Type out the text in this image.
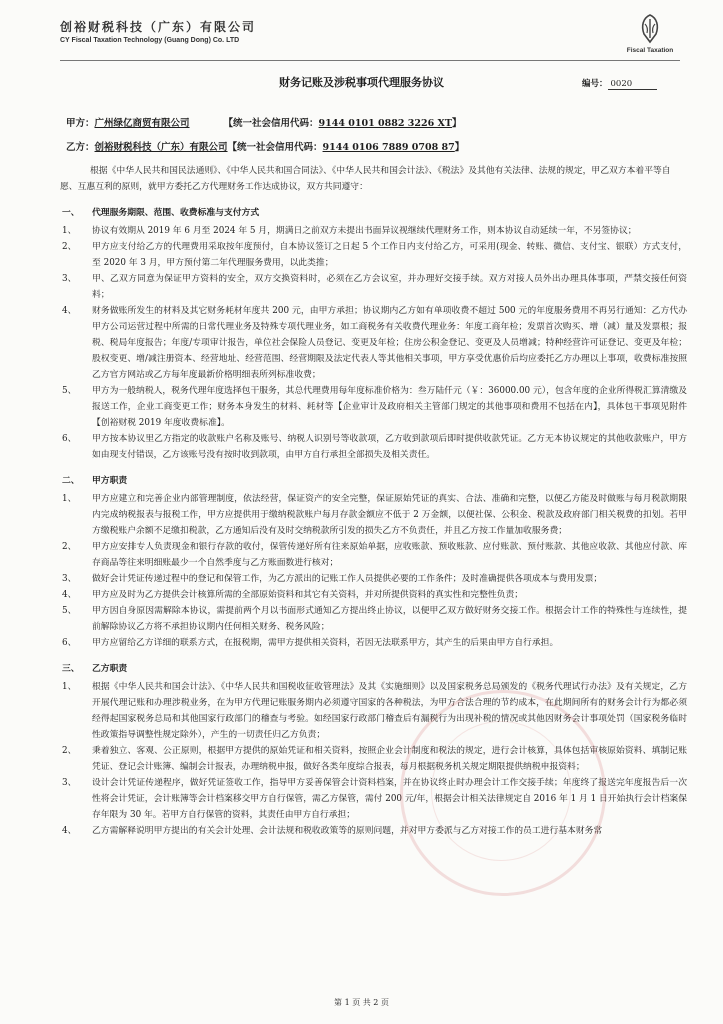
创裕财税科技（广东）有限公司
CY Fiscal Taxation Technology (Guang Dong) Co. LTD
Fiscal Taxation
财务记账及涉税事项代理服务协议	编号： 0020
甲方：广州绿亿商贸有限公司	【统一社会信用代码：9144 0101 0882 3226 XT】
乙方：创裕财税科技（广东）有限公司【统一社会信用代码：9144 0106 7889 0708 87】

根据《中华人民共和国民法通则》、《中华人民共和国合同法》、《中华人民共和国会计法》、《税法》及其他有关法律、法规的规定，甲乙双方本着平等自愿、互惠互利的原则，就甲方委托乙方代理财务工作达成协议，双方共同遵守：

一、	代理服务期限、范围、收费标准与支付方式
1、	协议有效期从 2019 年 6 月至 2024 年 5 月，期满日之前双方未提出书面异议视继续代理财务工作，则本协议自动延续一年，不另签协议；
2、	甲方应支付给乙方的代理费用采取按年度预付，自本协议签订之日起 5 个工作日内支付给乙方，可采用(现金、转账、微信、支付宝、银联）方式支付，至 2020 年 3 月，甲方预付第二年代理服务费用，以此类推；
3、	甲、乙双方同意为保证甲方资料的安全，双方交换资料时，必须在乙方会议室，并办理好交接手续。双方对接人员外出办理具体事项，严禁交接任何资料；
4、	财务做账所发生的材料及其它财务耗材年度共 200 元，由甲方承担；协议期内乙方如有单项收费不超过 500 元的年度服务费用不再另行通知：乙方代办甲方公司运营过程中所需的日常代理业务及特殊专项代理业务，如工商税务有关收费代理业务：年度工商年检；发票首次购买、增（减）量及发票根；报税、税局年度报告；年度/专项审计报告，单位社会保险人员登记、变更及年检；住房公积金登记、变更及人员增减；特种经营许可证登记、变更及年检；股权变更、增/减注册资本、经营地址、经营范围、经营期限及法定代表人等其他相关事项，甲方享受优惠价后均应委托乙方办理以上事项，收费标准按照乙方官方网站或乙方每年度最新价格明细表所列标准收费；
5、	甲方为一般纳税人，税务代理年度选择包干服务，其总代理费用每年度标准价格为：叁万陆仟元（￥：36000.00 元），包含年度的企业所得税汇算清缴及报送工作，企业工商变更工作；财务本身发生的材料、耗材等【企业审计及政府相关主管部门规定的其他事项和费用不包括在内】，具体包干事项见附件【创裕财税 2019 年度收费标准】。
6、	甲方按本协议里乙方指定的收款账户名称及账号、纳税人识别号等收款项，乙方收到款项后即时提供收款凭证。乙方无本协议规定的其他收款账户，甲方如由现支付错误，乙方该账号没有按时收到款项，由甲方自行承担全部损失及相关责任。
二、	甲方职责
1、	甲方应建立和完善企业内部管理制度，依法经营，保证资产的安全完整，保证原始凭证的真实、合法、准确和完整，以便乙方能及时做账与每月税款期限内完成纳税报表与报税工作，甲方应提供用于缴纳税款账户每月存款金额应不低于 2 万金额，以便社保、公积金、税款及政府部门相关税费的扣划。若甲方缴税账户余额不足缴扣税款，乙方通知后没有及时交纳税款所引发的损失乙方不负责任，并且乙方按工作量加收服务费；
2、	甲方应安排专人负责现金和银行存款的收付，保管传递好所有往来原始单据，应收账款、预收账款、应付账款、预付账款、其他应收款、其他应付款、库存商品等往来明细账最少一个自然季度与乙方账面数进行核对；
3、	做好会计凭证传递过程中的登记和保管工作，为乙方派出的记账工作人员提供必要的工作条件；及时准确提供各项成本与费用发票；
4、	甲方应及时为乙方提供会计核算所需的全部原始资料和其它有关资料，并对所提供资料的真实性和完整性负责；
5、	甲方因自身原因需解除本协议，需提前两个月以书面形式通知乙方提出终止协议，以便甲乙双方做好财务交接工作。根据会计工作的特殊性与连续性，提前解除协议乙方将不承担协议期内任何相关财务、税务风险；
6、	甲方应留给乙方详细的联系方式，在报税期，需甲方提供相关资料，若因无法联系甲方，其产生的后果由甲方自行承担。
三、	乙方职责
1、	根据《中华人民共和国会计法》、《中华人民共和国税收征收管理法》及其《实施细则》以及国家税务总局颁发的《税务代理试行办法》及有关规定，乙方开展代理记账和办理涉税业务，在为甲方代理记账服务期内必须遵守国家的各种税法，为甲方合法合理的节约成本，在此期间所有的财务会计行为都必须经得起国家税务总局和其他国家行政部门的稽查与考验。如经国家行政部门稽查后有漏税行为出现补税的情况或其他因财务会计事项处罚（国家税务临时性政策指导调整性规定除外），产生的一切责任归乙方负责；
2、	秉着独立、客观、公正原则，根据甲方提供的原始凭证和相关资料，按照企业会计制度和税法的规定，进行会计核算，具体包括审核原始资料、填制记账凭证、登记会计账簿、编制会计报表，办理纳税申报，做好各类年度综合报表，每月根据税务机关规定期限提供纳税申报资料；
3、	设计会计凭证传递程序，做好凭证签收工作，指导甲方妥善保管会计资料档案，并在协议终止时办理会计工作交接手续；年度终了报送完年度报告后一次性将会计凭证，会计账簿等会计档案移交甲方自行保管，需乙方保管，需付 200 元/年，根据会计相关法律规定自 2016 年 1 月 1 日开始执行会计档案保存年限为 30 年。若甲方自行保管的资料，其责任由甲方自行承担；
4、	乙方需解释说明甲方提出的有关会计处理、会计法规和税收政策等的原则问题，并对甲方委派与乙方对接工作的员工进行基本财务常
第 1 页 共 2 页
